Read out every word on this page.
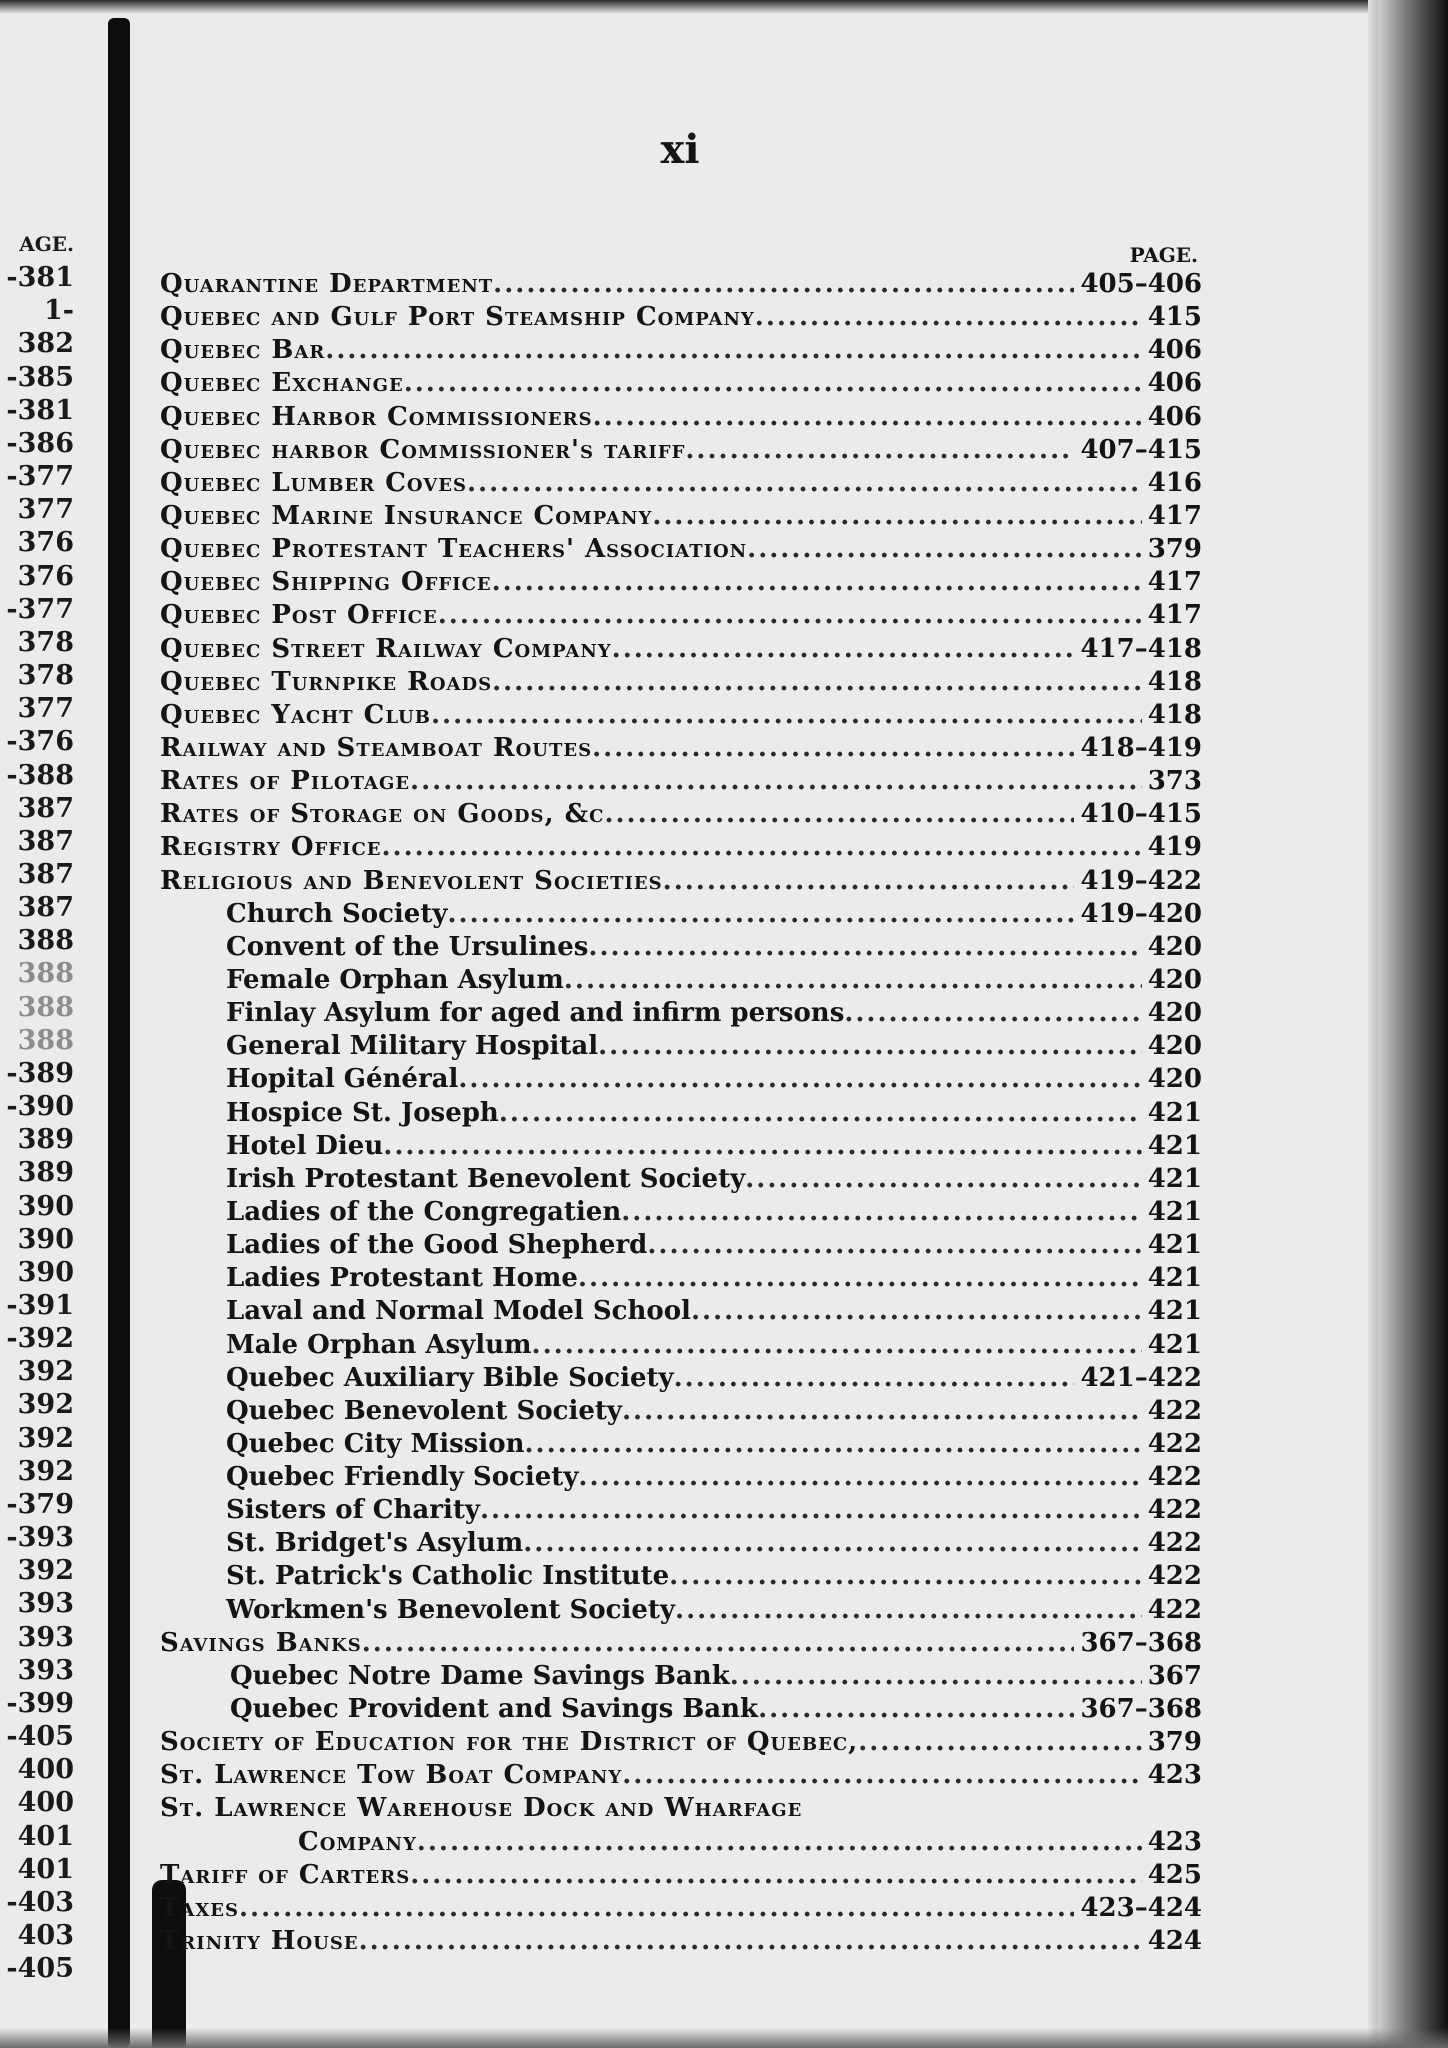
AGE.
-381
1-382
-385
-381
-386
-377
377
376
376
-377
378
378
377
-376
-388
387
387
387
387
388
388
388
388
-389
-390
389
389
390
390
390
-391
-392
392
392
392
392
-379
-393
392
393
393
393
-399
-405
400
400
401
401
-403
403
-405
xi
PAGE.
Quarantine Department .....	405–406
Quebec and Gulf Port Steamship Company .....	415
Quebec Bar .....	406
Quebec Exchange .....	406
Quebec Harbor Commissioners .....	406
Quebec harbor Commissioner's tariff .....	407–415
Quebec Lumber Coves .....	416
Quebec Marine Insurance Company .....	417
Quebec Protestant Teachers' Association .....	379
Quebec Shipping Office .....	417
Quebec Post Office .....	417
Quebec Street Railway Company .....	417–418
Quebec Turnpike Roads .....	418
Quebec Yacht Club .....	418
Railway and Steamboat Routes .....	418–419
Rates of Pilotage .....	373
Rates of Storage on Goods, &c .....	410–415
Registry Office .....	419
Religious and Benevolent Societies .....	419–422
Church Society .....	419–420
Convent of the Ursulines .....	420
Female Orphan Asylum .....	420
Finlay Asylum for aged and infirm persons .....	420
General Military Hospital .....	420
Hopital Général .....	420
Hospice St. Joseph .....	421
Hotel Dieu .....	421
Irish Protestant Benevolent Society .....	421
Ladies of the Congregatien .....	421
Ladies of the Good Shepherd .....	421
Ladies Protestant Home .....	421
Laval and Normal Model School .....	421
Male Orphan Asylum .....	421
Quebec Auxiliary Bible Society .....	421–422
Quebec Benevolent Society .....	422
Quebec City Mission .....	422
Quebec Friendly Society .....	422
Sisters of Charity .....	422
St. Bridget's Asylum .....	422
St. Patrick's Catholic Institute .....	422
Workmen's Benevolent Society .....	422
Savings Banks .....	367–368
Quebec Notre Dame Savings Bank .....	367
Quebec Provident and Savings Bank .....	367–368
Society of Education for the District of Quebec, .....	379
St. Lawrence Tow Boat Company .....	423
St. Lawrence Warehouse Dock and Wharfage
Company .....	423
Tariff of Carters .....	425
Taxes .....	423–424
Trinity House .....	424
